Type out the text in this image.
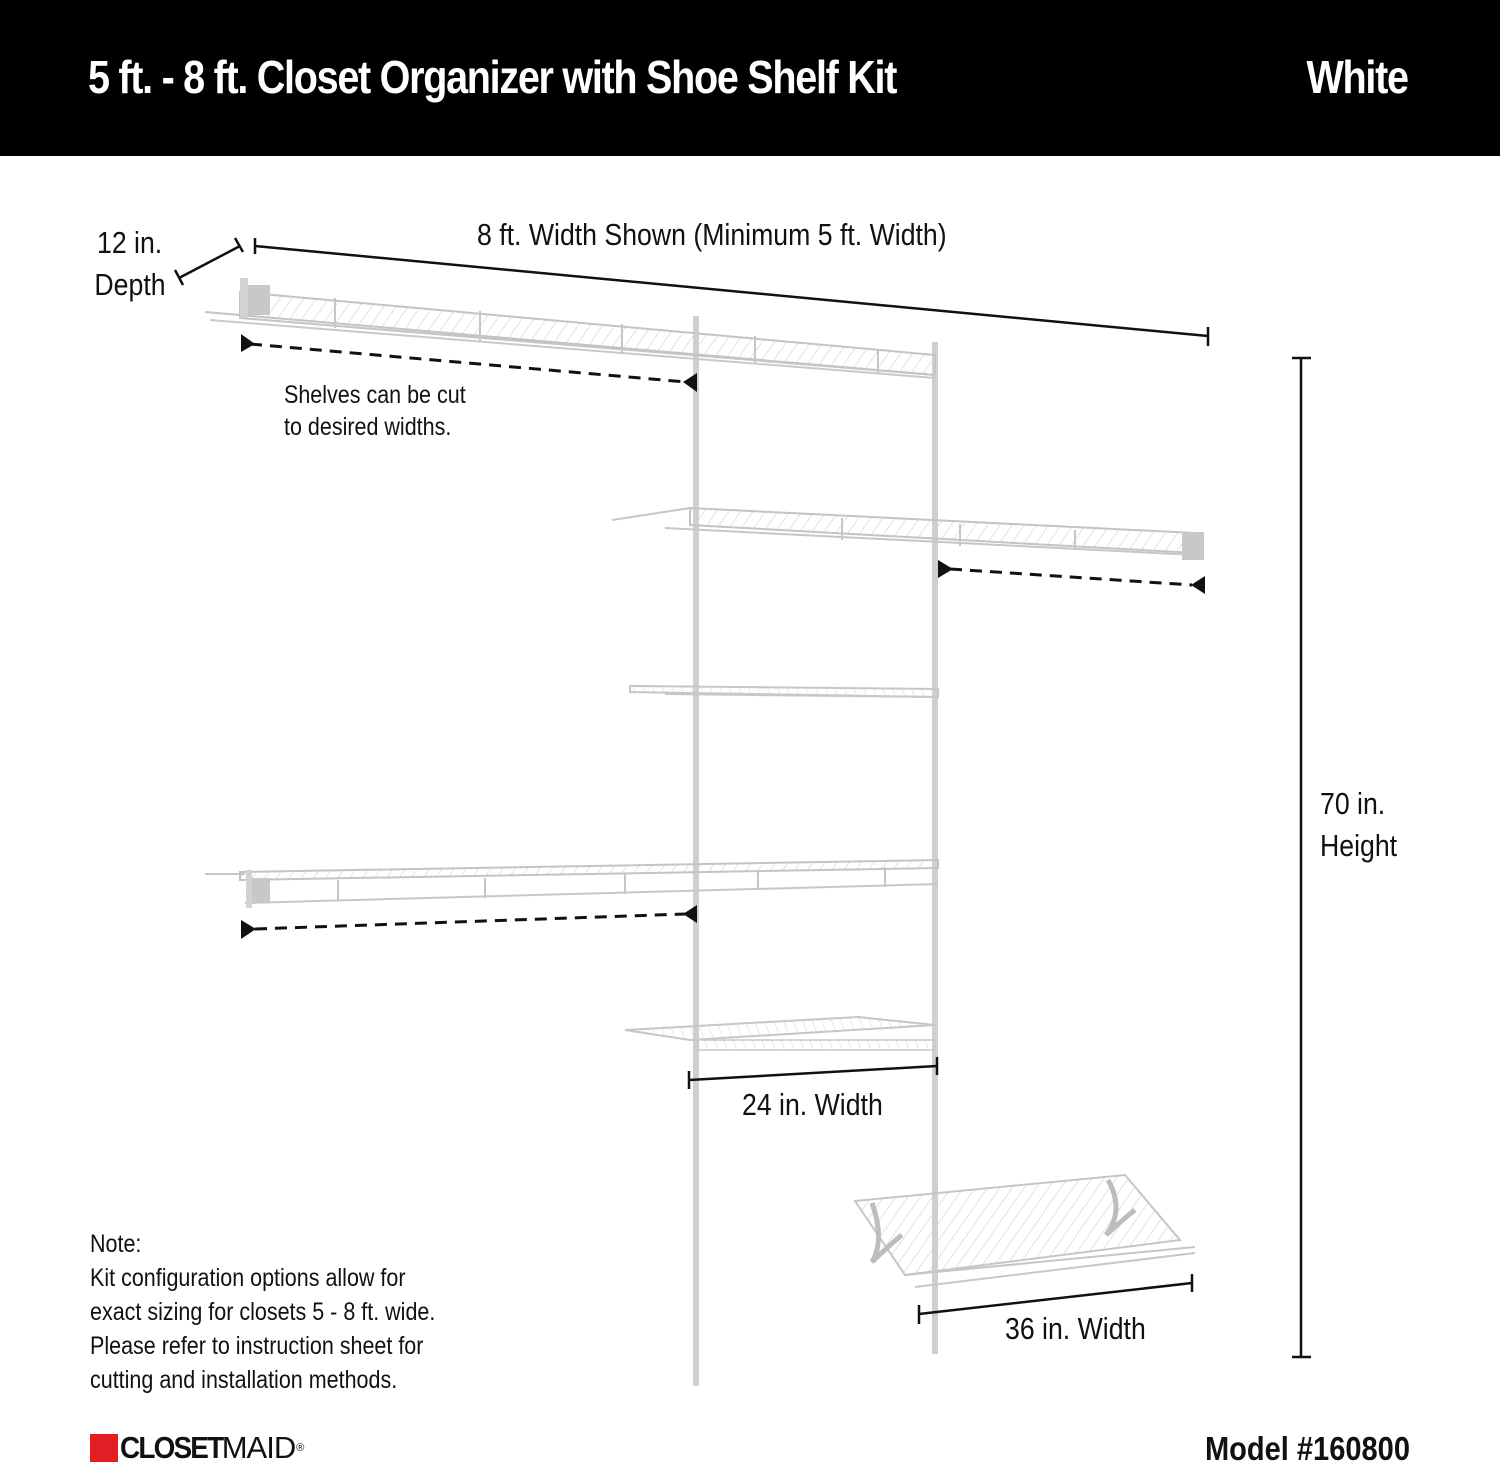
5 ft. - 8 ft. Closet Organizer with Shoe Shelf Kit	White
12 in.
Depth
8 ft. Width Shown (Minimum 5 ft. Width)
Shelves can be cut
to desired widths.
70 in.
Height
24 in. Width
36 in. Width
Note:
Kit configuration options allow for
exact sizing for closets 5 - 8 ft. wide.
Please refer to instruction sheet for
cutting and installation methods.
CLOSET MAID ®	Model #160800
